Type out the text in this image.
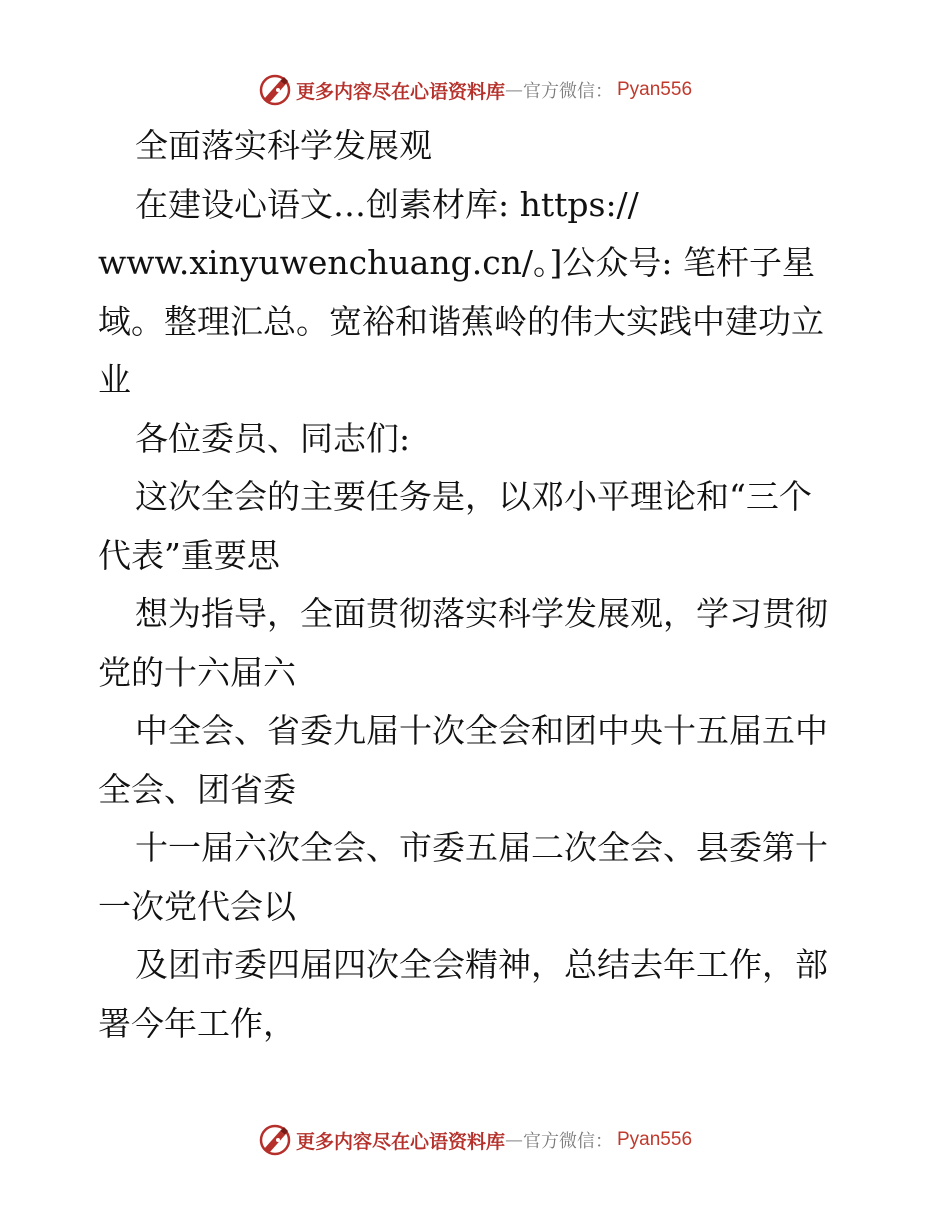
更多内容尽在心语资料库 — 官方微信： Pyan556
全面落实科学发展观
在建设心语文…创素材库: https://
www.xinyuwenchuang.cn/。]公众号: 笔杆子星
域。整理汇总。宽裕和谐蕉岭的伟大实践中建功立
业
各位委员、同志们:
这次全会的主要任务是，以邓小平理论和“三个
代表”重要思
想为指导，全面贯彻落实科学发展观，学习贯彻
党的十六届六
中全会、省委九届十次全会和团中央十五届五中
全会、团省委
十一届六次全会、市委五届二次全会、县委第十
一次党代会以
及团市委四届四次全会精神，总结去年工作，部
署今年工作，
更多内容尽在心语资料库 — 官方微信： Pyan556
